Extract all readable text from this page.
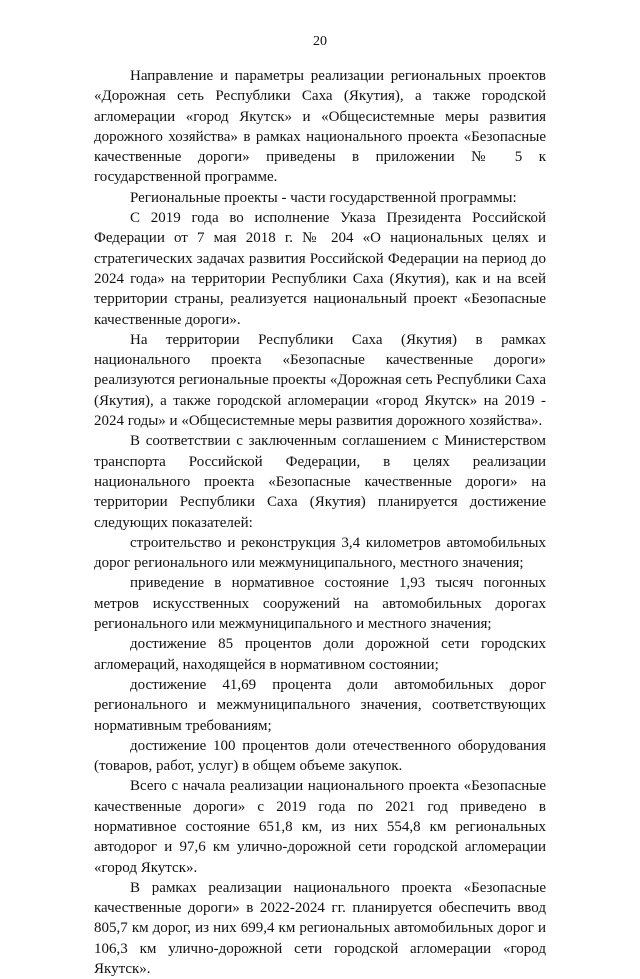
20

Направление и параметры реализации региональных проектов «Дорожная сеть Республики Саха (Якутия), а также городской агломерации «город Якутск» и «Общесистемные меры развития дорожного хозяйства» в рамках национального проекта «Безопасные качественные дороги» приведены в приложении № 5 к государственной программе.

Региональные проекты - части государственной программы:

С 2019 года во исполнение Указа Президента Российской Федерации от 7 мая 2018 г. № 204 «О национальных целях и стратегических задачах развития Российской Федерации на период до 2024 года» на территории Республики Саха (Якутия), как и на всей территории страны, реализуется национальный проект «Безопасные качественные дороги».

На территории Республики Саха (Якутия) в рамках национального проекта «Безопасные качественные дороги» реализуются региональные проекты «Дорожная сеть Республики Саха (Якутия), а также городской агломерации «город Якутск» на 2019 - 2024 годы» и «Общесистемные меры развития дорожного хозяйства».

В соответствии с заключенным соглашением с Министерством транспорта Российской Федерации, в целях реализации национального проекта «Безопасные качественные дороги» на территории Республики Саха (Якутия) планируется достижение следующих показателей:

строительство и реконструкция 3,4 километров автомобильных дорог регионального или межмуниципального, местного значения;

приведение в нормативное состояние 1,93 тысяч погонных метров искусственных сооружений на автомобильных дорогах регионального или межмуниципального и местного значения;

достижение 85 процентов доли дорожной сети городских агломераций, находящейся в нормативном состоянии;

достижение 41,69 процента доли автомобильных дорог регионального и межмуниципального значения, соответствующих нормативным требованиям;

достижение 100 процентов доли отечественного оборудования (товаров, работ, услуг) в общем объеме закупок.

Всего с начала реализации национального проекта «Безопасные качественные дороги» с 2019 года по 2021 год приведено в нормативное состояние 651,8 км, из них 554,8 км региональных автодорог и 97,6 км улично-дорожной сети городской агломерации «город Якутск».

В рамках реализации национального проекта «Безопасные качественные дороги» в 2022-2024 гг. планируется обеспечить ввод 805,7 км дорог, из них 699,4 км региональных автомобильных дорог и 106,3 км улично-дорожной сети городской агломерации «город Якутск».
